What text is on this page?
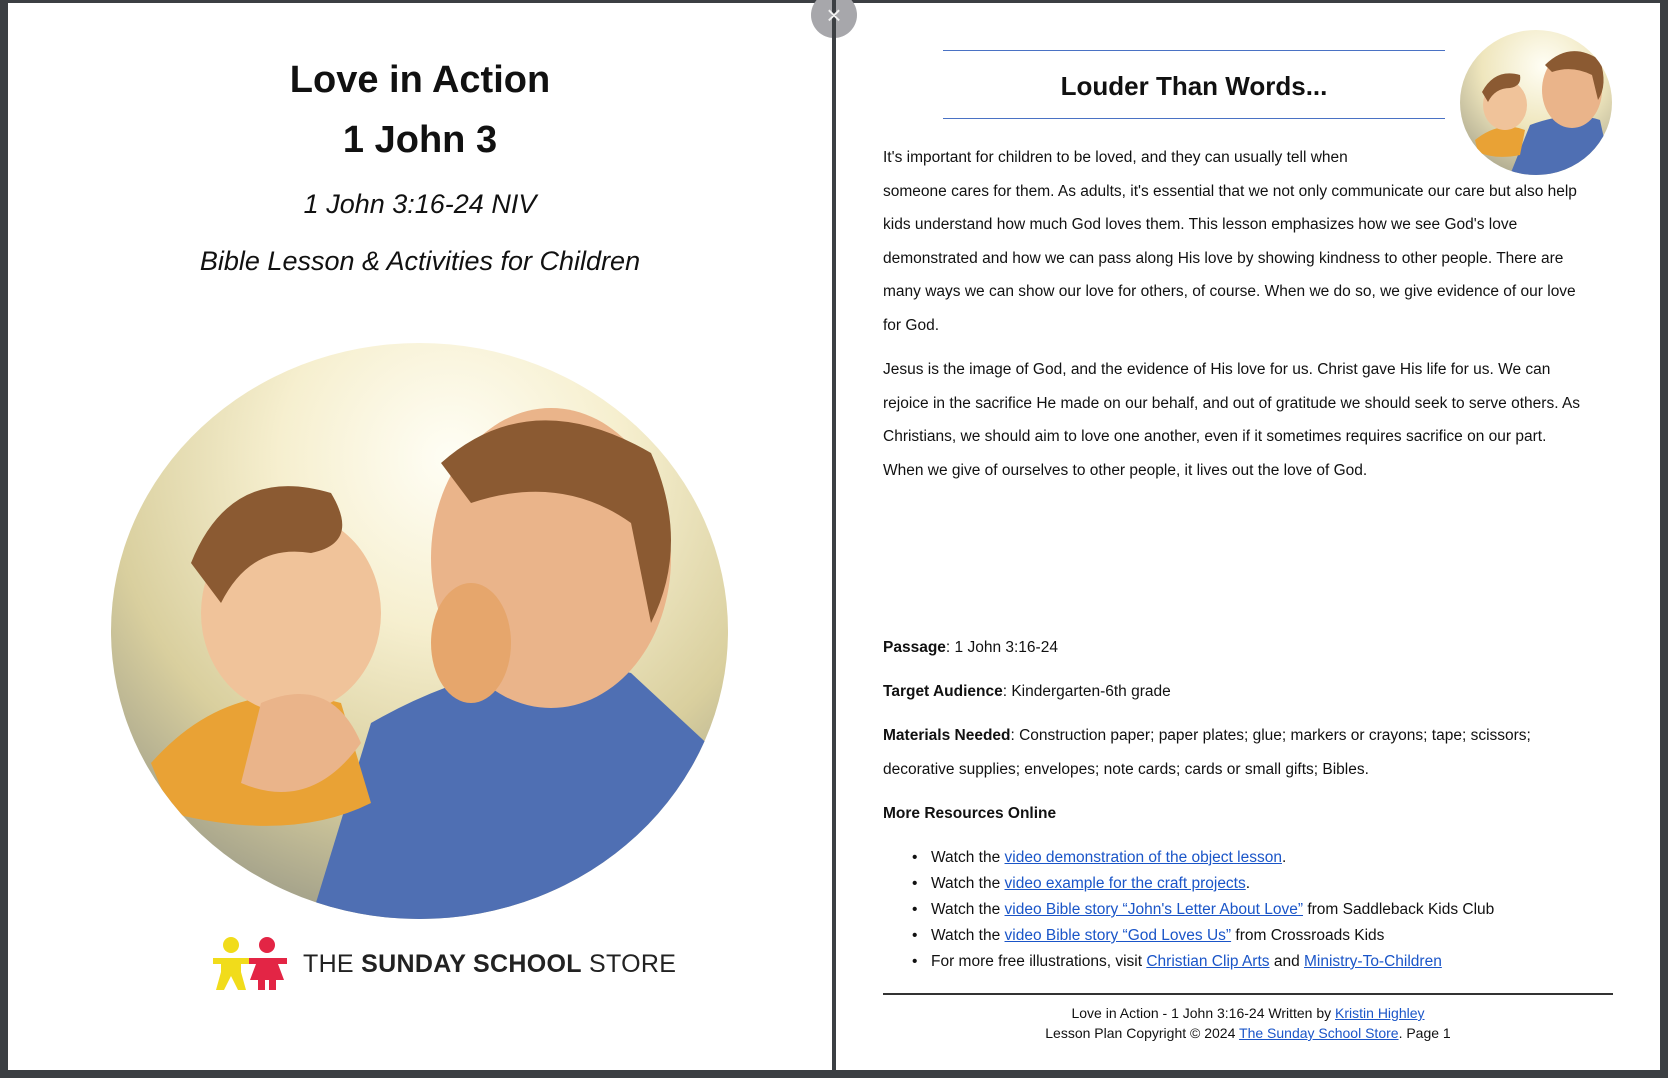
Love in Action
1 John 3
1 John 3:16-24 NIV
Bible Lesson & Activities for Children
THE SUNDAY SCHOOL STORE
Louder Than Words...
It's important for children to be loved, and they can usually tell when someone cares for them. As adults, it's essential that we not only communicate our care but also help kids understand how much God loves them. This lesson emphasizes how we see God's love demonstrated and how we can pass along His love by showing kindness to other people. There are many ways we can show our love for others, of course. When we do so, we give evidence of our love for God.
Jesus is the image of God, and the evidence of His love for us. Christ gave His life for us. We can rejoice in the sacrifice He made on our behalf, and out of gratitude we should seek to serve others. As Christians, we should aim to love one another, even if it sometimes requires sacrifice on our part. When we give of ourselves to other people, it lives out the love of God.
Passage: 1 John 3:16-24
Target Audience: Kindergarten-6th grade
Materials Needed: Construction paper; paper plates; glue; markers or crayons; tape; scissors; decorative supplies; envelopes; note cards; cards or small gifts; Bibles.
More Resources Online
• Watch the video demonstration of the object lesson.
• Watch the video example for the craft projects.
• Watch the video Bible story “John's Letter About Love” from Saddleback Kids Club
• Watch the video Bible story “God Loves Us” from Crossroads Kids
• For more free illustrations, visit Christian Clip Arts and Ministry-To-Children
Love in Action - 1 John 3:16-24 Written by Kristin Highley
Lesson Plan Copyright © 2024 The Sunday School Store. Page 1
×
